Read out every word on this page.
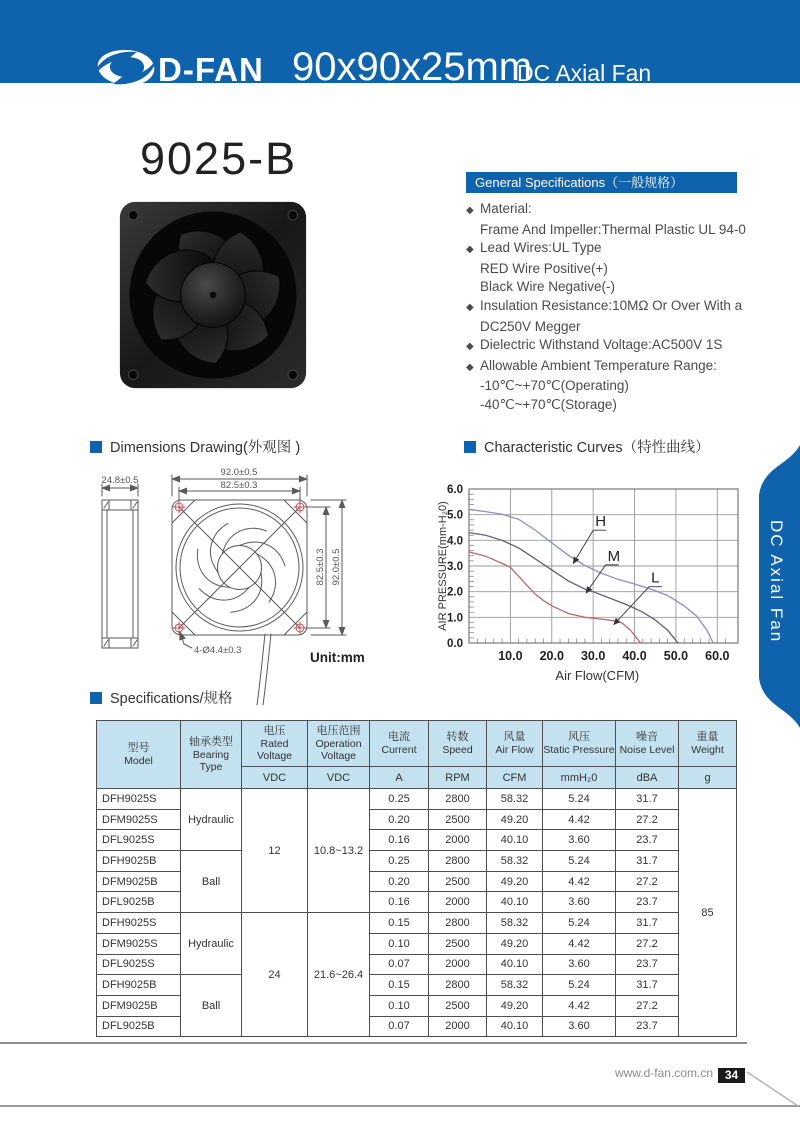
D-FAN 90x90x25mm
DC Axial Fan
9025-B	General Specifications（一般规格）
◆ Material:
Frame And Impeller:Thermal Plastic UL 94-0
◆ Lead Wires:UL Type
RED Wire Positive(+)
Black Wire Negative(-)
◆ Insulation Resistance:10MΩ Or Over With a
DC250V Megger
◆ Dielectric Withstand Voltage:AC500V 1S
◆ Allowable Ambient Temperature Range:
-10℃~+70℃(Operating)
-40℃~+70℃(Storage)
Dimensions Drawing(外观图 )	Characteristic Curves（特性曲线）
24.8±0.5
92.0±0.5
82.5±0.3
82.5±0.3 92.0±0.5
4-Ø4.4±0.3	Unit:mm
0.0
1.0
2.0
3.0
4.0
5.0
6.0
10.0 20.0 30.0 40.0 50.0 60.0
Air Flow(CFM)
AIR PRESSURE(mm-H₂0)	H
M
L
Specifications/规格
型号
Model

轴承类型
Bearing Type

电压
Rated Voltage

电压范围
Operation Voltage

电流
Current

转数
Speed

风量
Air Flow

风压
Static Pressure

噪音
Noise Level

重量
Weight

		VDC	VDC	A	RPM	CFM	mmH₂0	dBA	g
DFH9025S	Hydraulic	12	10.8~13.2	0.25	2800	58.32	5.24	31.7	85
DFM9025S				0.20	2500	49.20	4.42	27.2	
DFL9025S				0.16	2000	40.10	3.60	23.7	
DFH9025B	Ball			0.25	2800	58.32	5.24	31.7	
DFM9025B				0.20	2500	49.20	4.42	27.2	
DFL9025B				0.16	2000	40.10	3.60	23.7	
DFH9025S	Hydraulic	24	21.6~26.4	0.15	2800	58.32	5.24	31.7	
DFM9025S				0.10	2500	49.20	4.42	27.2	
DFL9025S				0.07	2000	40.10	3.60	23.7	
DFH9025B	Ball			0.15	2800	58.32	5.24	31.7	
DFM9025B				0.10	2500	49.20	4.42	27.2	
DFL9025B				0.07	2000	40.10	3.60	23.7	
www.d-fan.com.cn 34
DC Axial Fan
